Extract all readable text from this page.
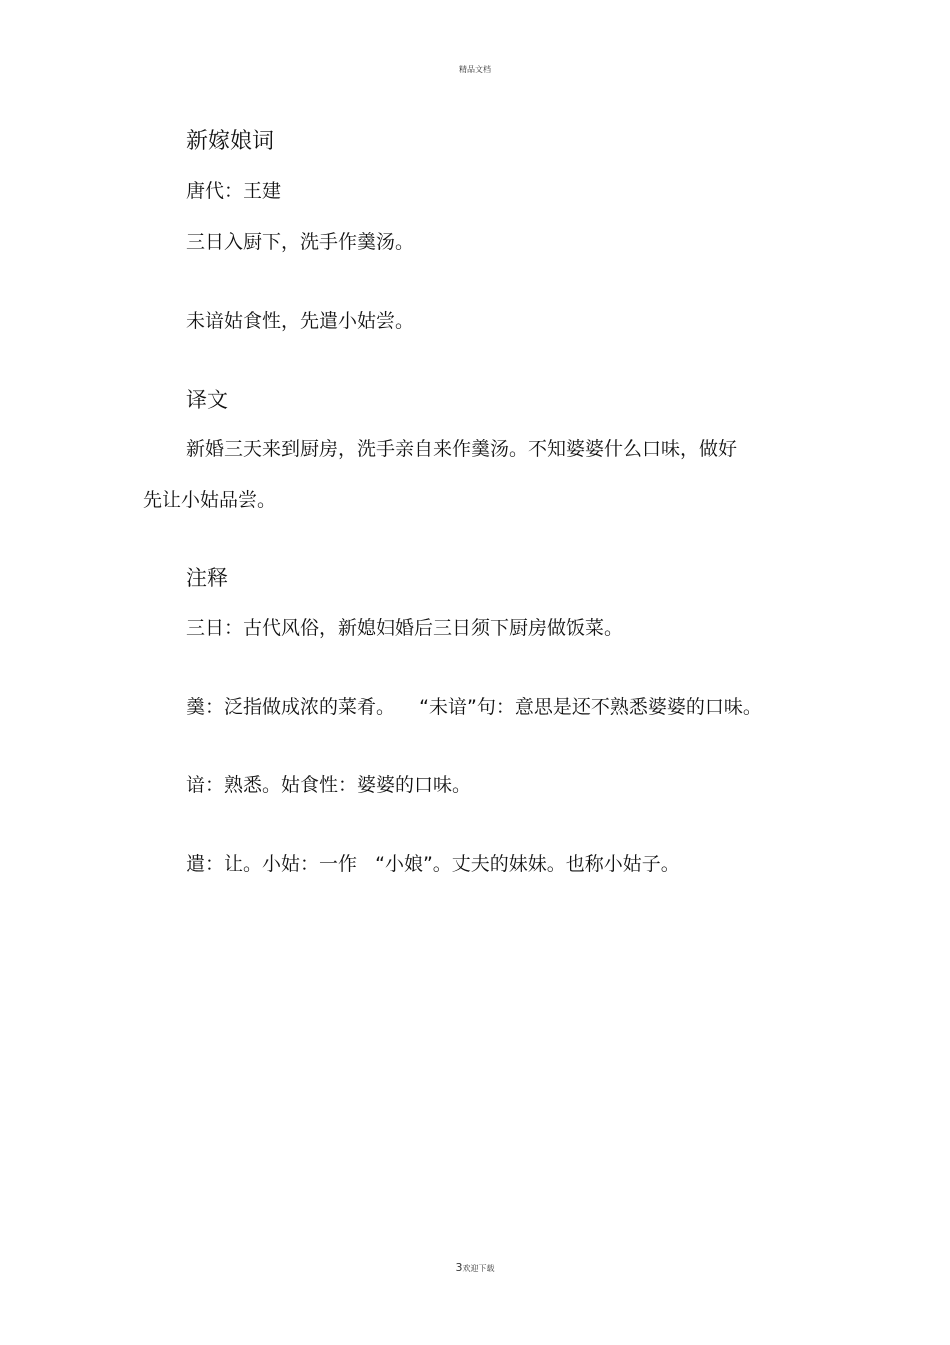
精品文档
新嫁娘词
唐代：王建
三日入厨下，洗手作羹汤。
未谙姑食性，先遣小姑尝。
译文
新婚三天来到厨房，洗手亲自来作羹汤。不知婆婆什么口味，做好
先让小姑品尝。
注释
三日：古代风俗，新媳妇婚后三日须下厨房做饭菜。
羹：泛指做成浓的菜肴。    “未谙”句：意思是还不熟悉婆婆的口味。
谙：熟悉。姑食性：婆婆的口味。
遣：让。小姑：一作   “小娘”。丈夫的妹妹。也称小姑子。
3欢迎下载
